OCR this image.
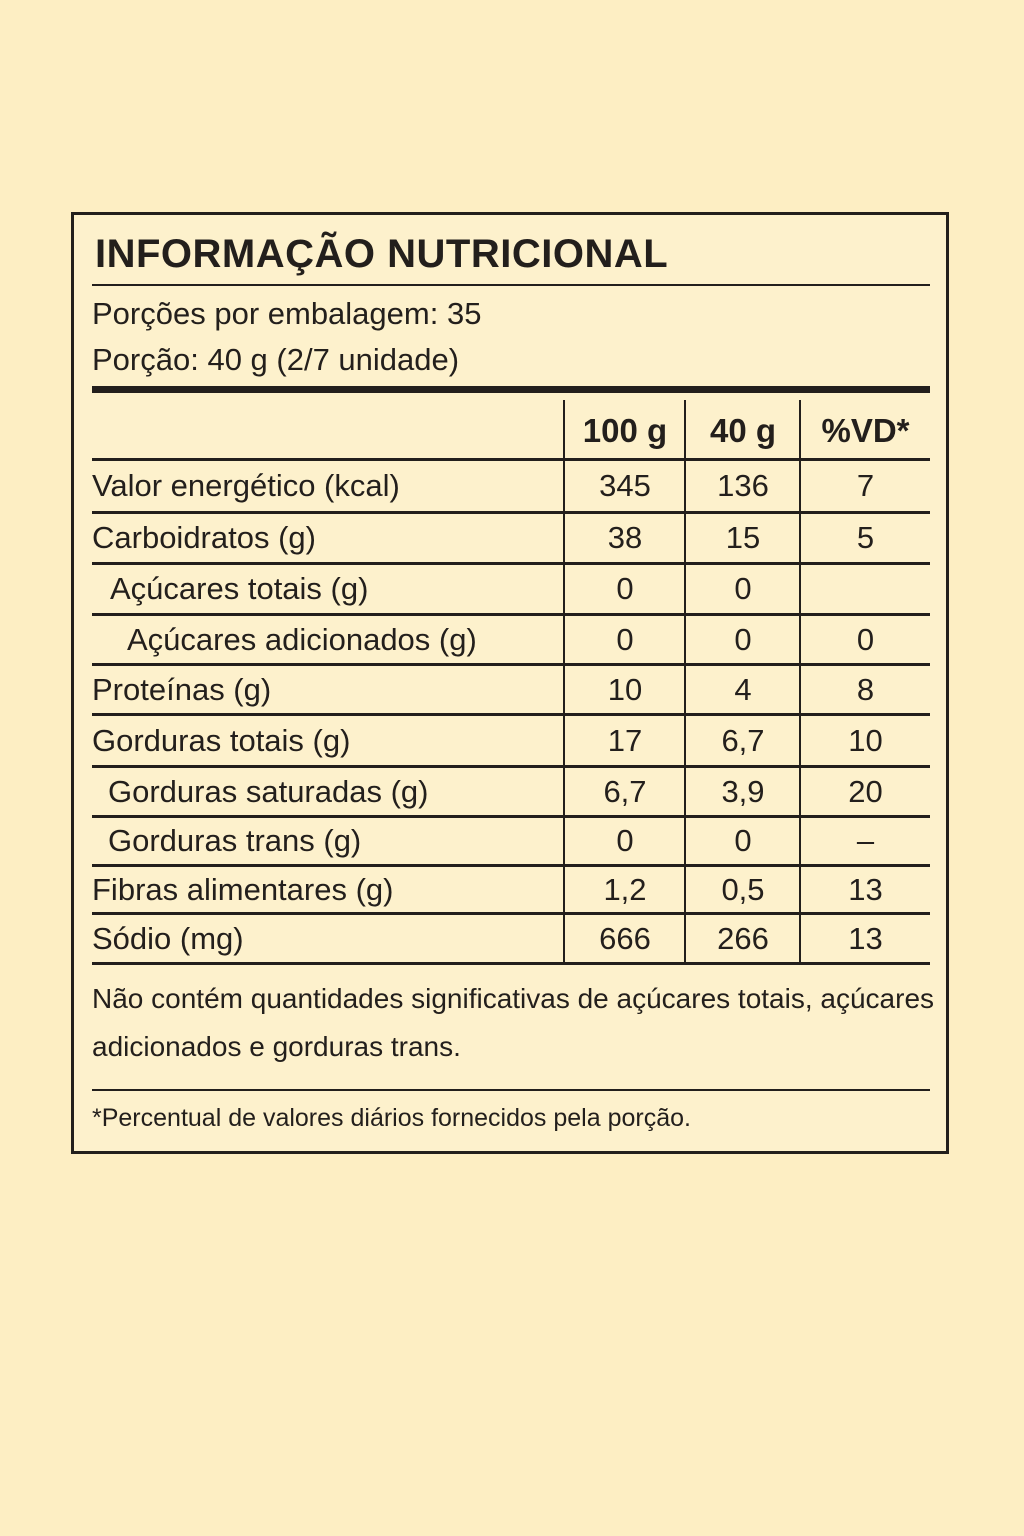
INFORMAÇÃO NUTRICIONAL
Porções por embalagem: 35
Porção: 40 g (2/7 unidade)
100 g	40 g	%VD*
Valor energético (kcal)	345	136	7
Carboidratos (g)	38	15	5
Açúcares totais (g)	0	0
Açúcares adicionados (g)	0	0	0
Proteínas (g)	10	4	8
Gorduras totais (g)	17	6,7	10
Gorduras saturadas (g)	6,7	3,9	20
Gorduras trans (g)	0	0	–
Fibras alimentares (g)	1,2	0,5	13
Sódio (mg)	666	266	13
Não contém quantidades significativas de açúcares totais, açúcares adicionados e gorduras trans.
*Percentual de valores diários fornecidos pela porção.
